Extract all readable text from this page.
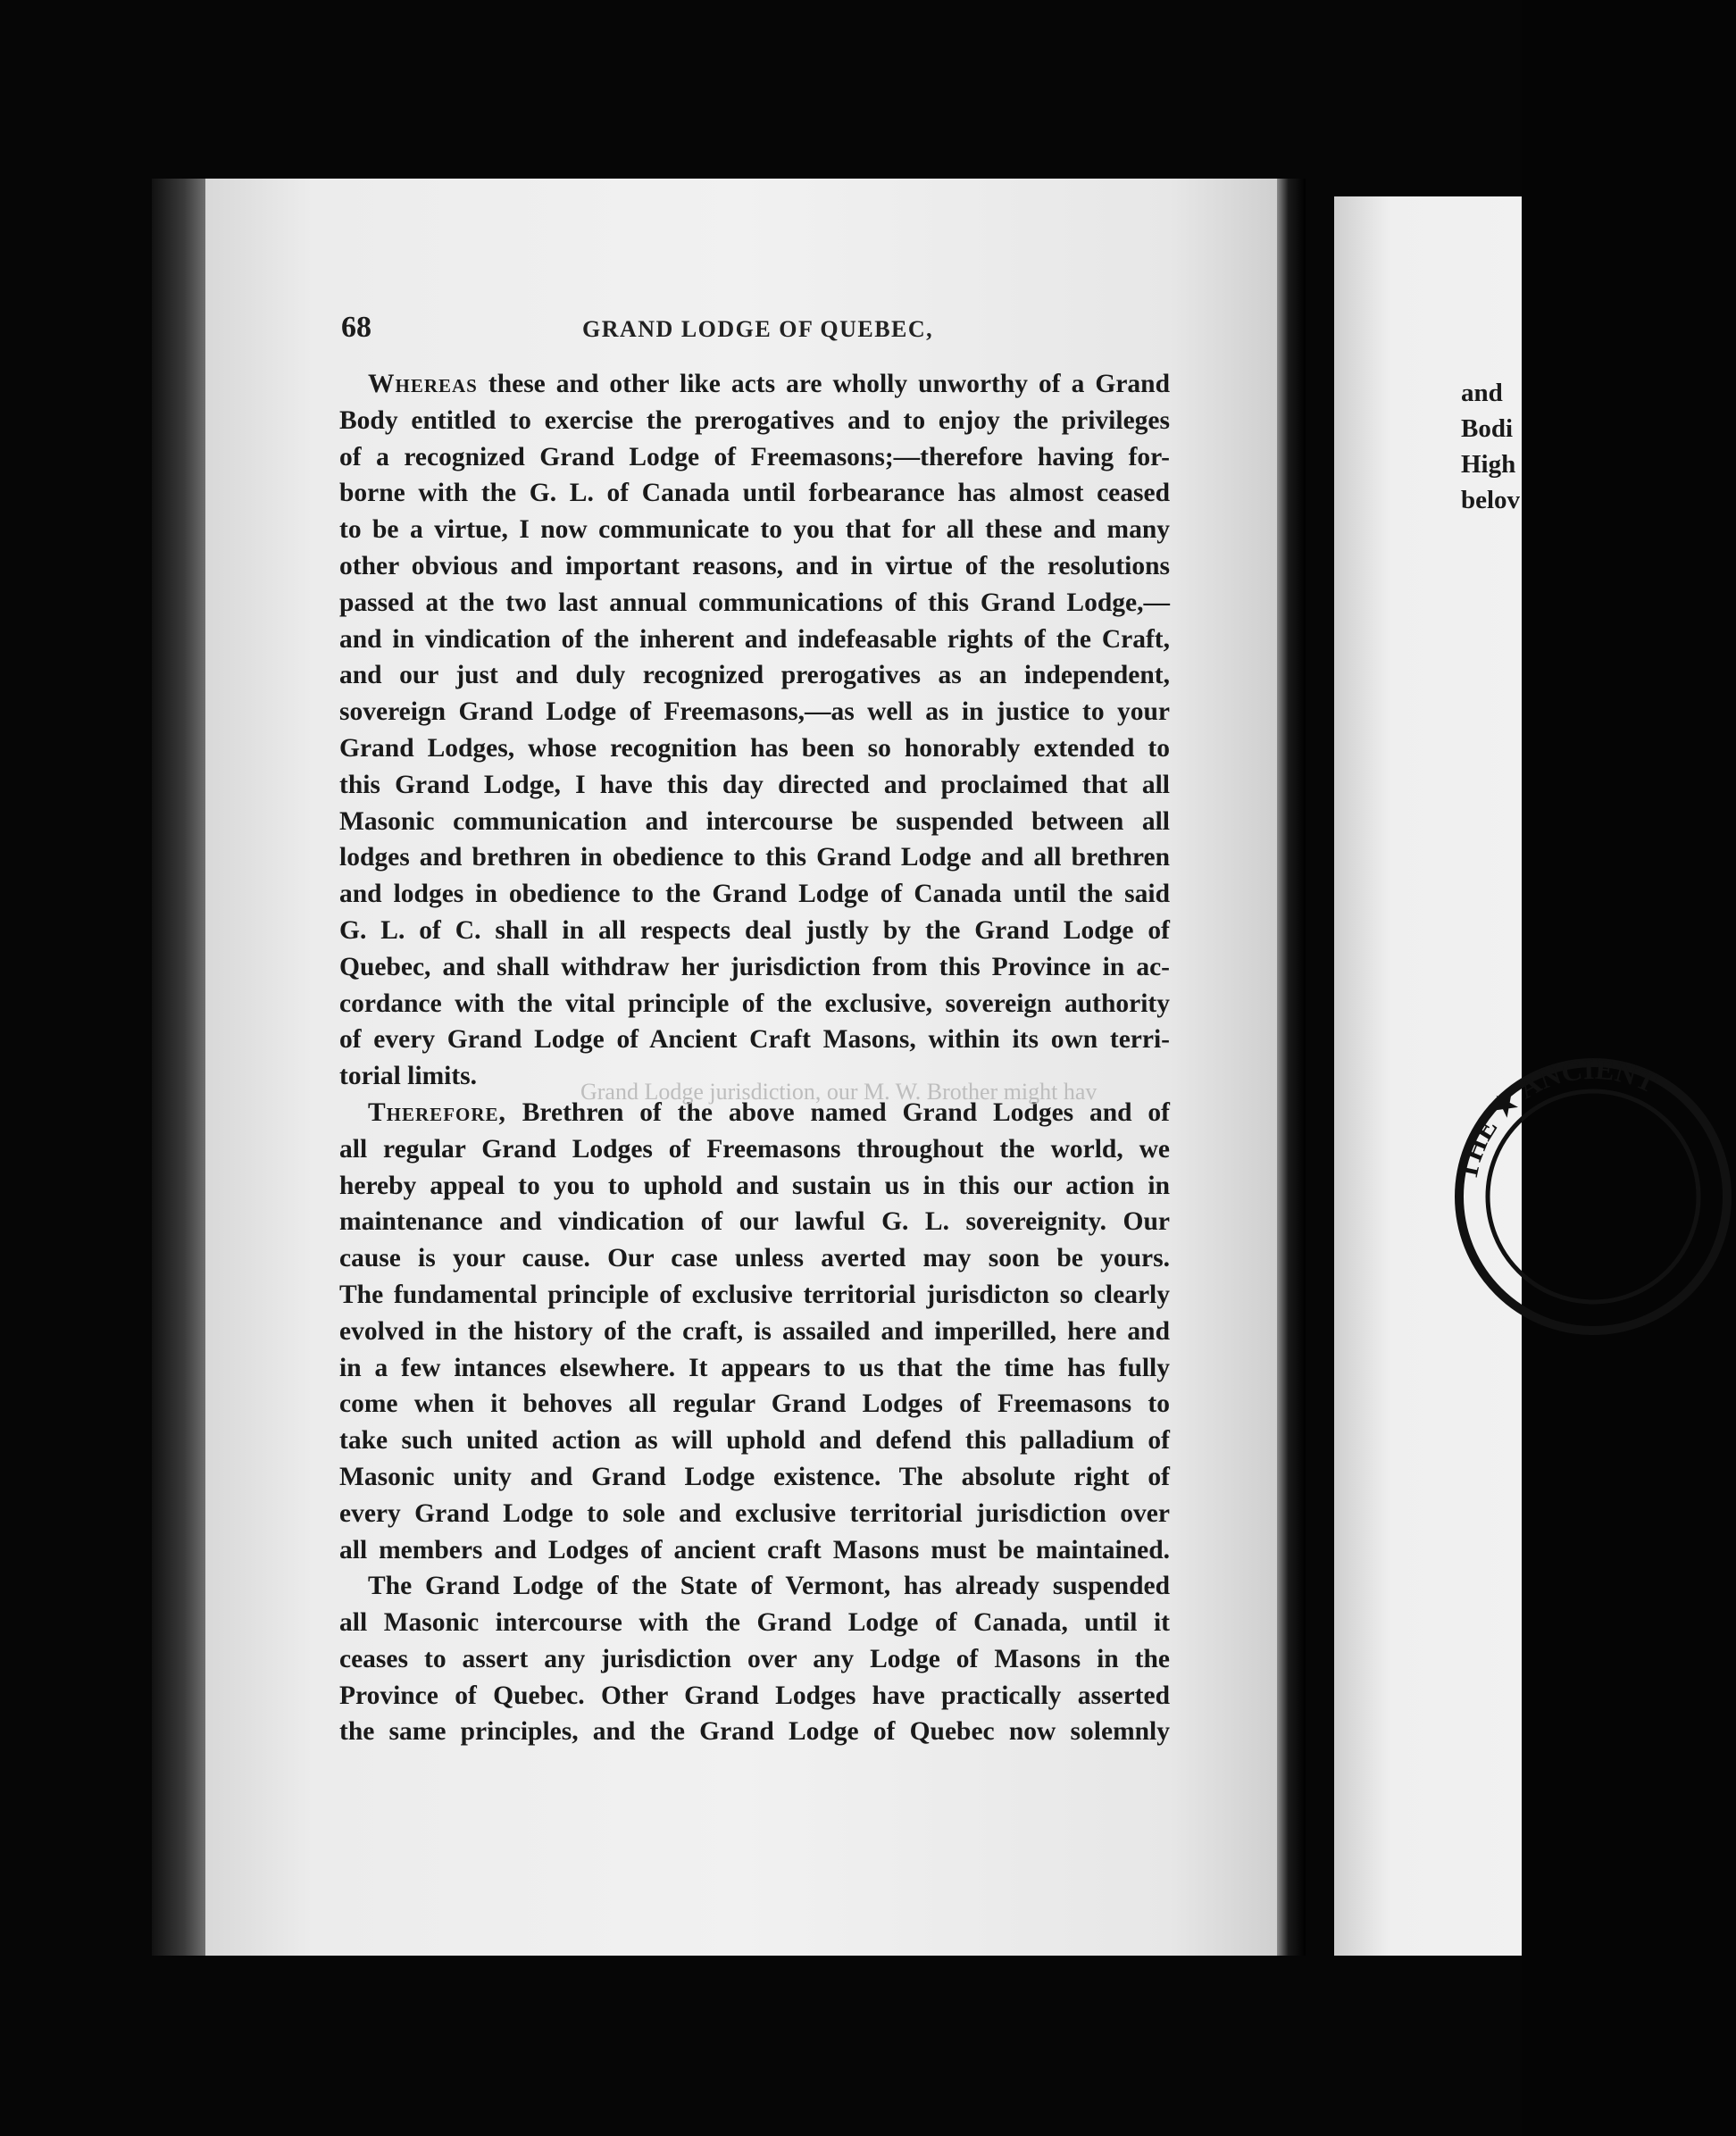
68	GRAND LODGE OF QUEBEC,
Whereas these and other like acts are wholly unworthy of a Grand
Body entitled to exercise the prerogatives and to enjoy the privileges
of a recognized Grand Lodge of Freemasons;—therefore having for-
borne with the G. L. of Canada until forbearance has almost ceased
to be a virtue, I now communicate to you that for all these and many
other obvious and important reasons, and in virtue of the resolutions
passed at the two last annual communications of this Grand Lodge,—
and in vindication of the inherent and indefeasable rights of the Craft,
and our just and duly recognized prerogatives as an independent,
sovereign Grand Lodge of Freemasons,—as well as in justice to your
Grand Lodges, whose recognition has been so honorably extended to
this Grand Lodge, I have this day directed and proclaimed that all
Masonic communication and intercourse be suspended between all
lodges and brethren in obedience to this Grand Lodge and all brethren
and lodges in obedience to the Grand Lodge of Canada until the said
G. L. of C. shall in all respects deal justly by the Grand Lodge of
Quebec, and shall withdraw her jurisdiction from this Province in ac-
cordance with the vital principle of the exclusive, sovereign authority
of every Grand Lodge of Ancient Craft Masons, within its own terri-
torial limits.
Therefore, Brethren of the above named Grand Lodges and of
all regular Grand Lodges of Freemasons throughout the world, we
hereby appeal to you to uphold and sustain us in this our action in
maintenance and vindication of our lawful G. L. sovereignity. Our
cause is your cause. Our case unless averted may soon be yours.
The fundamental principle of exclusive territorial jurisdicton so clearly
evolved in the history of the craft, is assailed and imperilled, here and
in a few intances elsewhere. It appears to us that the time has fully
come when it behoves all regular Grand Lodges of Freemasons to
take such united action as will uphold and defend this palladium of
Masonic unity and Grand Lodge existence. The absolute right of
every Grand Lodge to sole and exclusive territorial jurisdiction over
all members and Lodges of ancient craft Masons must be maintained.
The Grand Lodge of the State of Vermont, has already suspended
all Masonic intercourse with the Grand Lodge of Canada, until it
ceases to assert any jurisdiction over any Lodge of Masons in the
Province of Quebec. Other Grand Lodges have practically asserted
the same principles, and the Grand Lodge of Quebec now solemnly
Grand Lodge jurisdiction, our M. W. Brother might hav
and
Bodi
High
belov
THE ★ ANCIENT
